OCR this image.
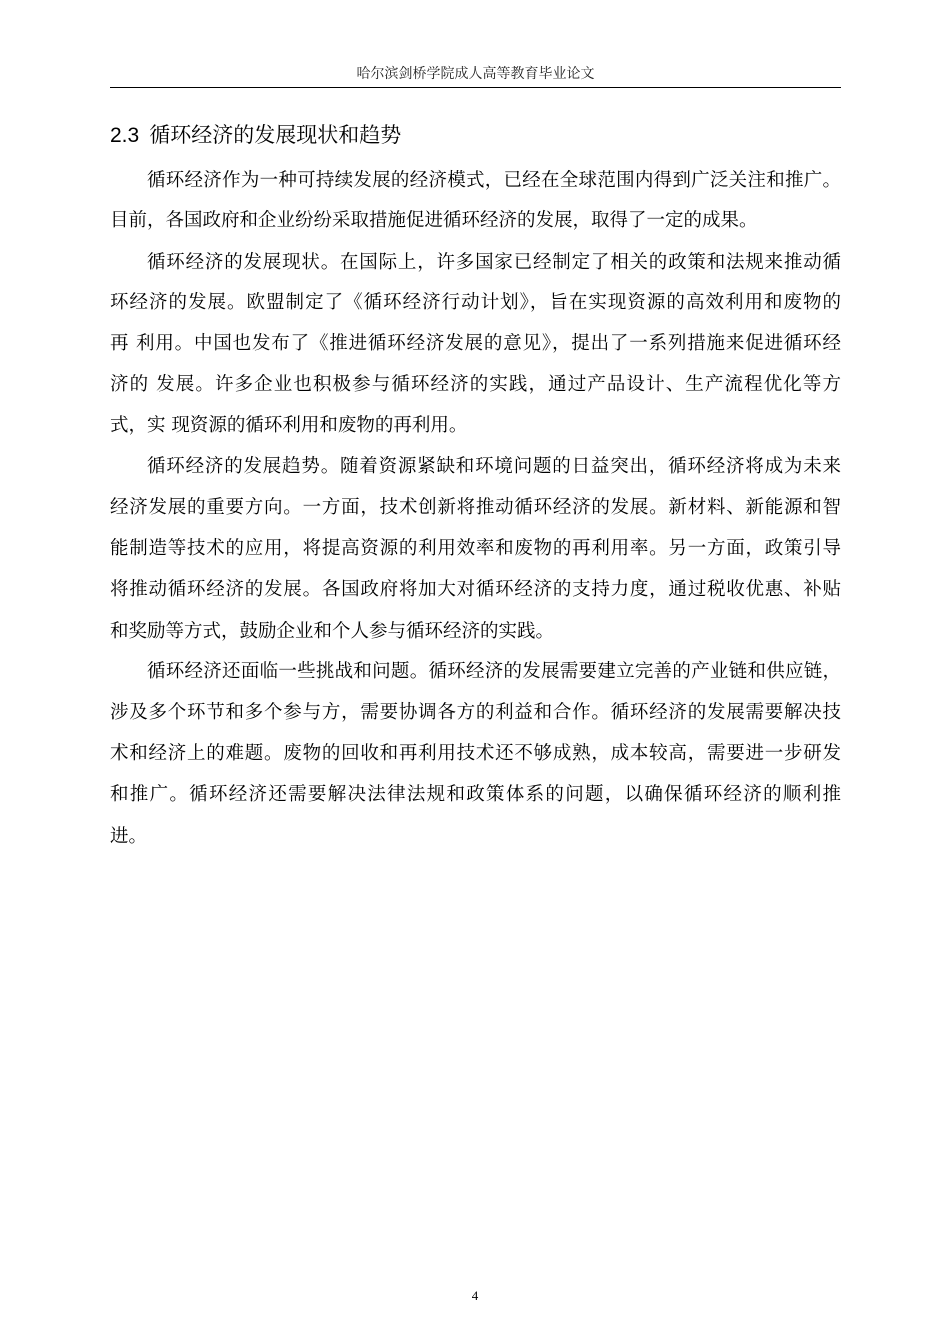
哈尔滨剑桥学院成人高等教育毕业论文
2.3 循环经济的发展现状和趋势
循环经济作为一种可持续发展的经济模式，已经在全球范围内得到广泛关注和推广。
目前，各国政府和企业纷纷采取措施促进循环经济的发展，取得了一定的成果。
循环经济的发展现状。在国际上，许多国家已经制定了相关的政策和法规来推动循
环经济的发展。欧盟制定了《循环经济行动计划》，旨在实现资源的高效利用和废物的
再 利用。中国也发布了《推进循环经济发展的意见》，提出了一系列措施来促进循环经
济的 发展。许多企业也积极参与循环经济的实践，通过产品设计、生产流程优化等方
式，实 现资源的循环利用和废物的再利用。
循环经济的发展趋势。随着资源紧缺和环境问题的日益突出，循环经济将成为未来
经济发展的重要方向。一方面，技术创新将推动循环经济的发展。新材料、新能源和智
能制造等技术的应用，将提高资源的利用效率和废物的再利用率。另一方面，政策引导
将推动循环经济的发展。各国政府将加大对循环经济的支持力度，通过税收优惠、补贴
和奖励等方式，鼓励企业和个人参与循环经济的实践。
循环经济还面临一些挑战和问题。循环经济的发展需要建立完善的产业链和供应链，
涉及多个环节和多个参与方，需要协调各方的利益和合作。循环经济的发展需要解决技
术和经济上的难题。废物的回收和再利用技术还不够成熟，成本较高，需要进一步研发
和推广。循环经济还需要解决法律法规和政策体系的问题，以确保循环经济的顺利推
进。
4
